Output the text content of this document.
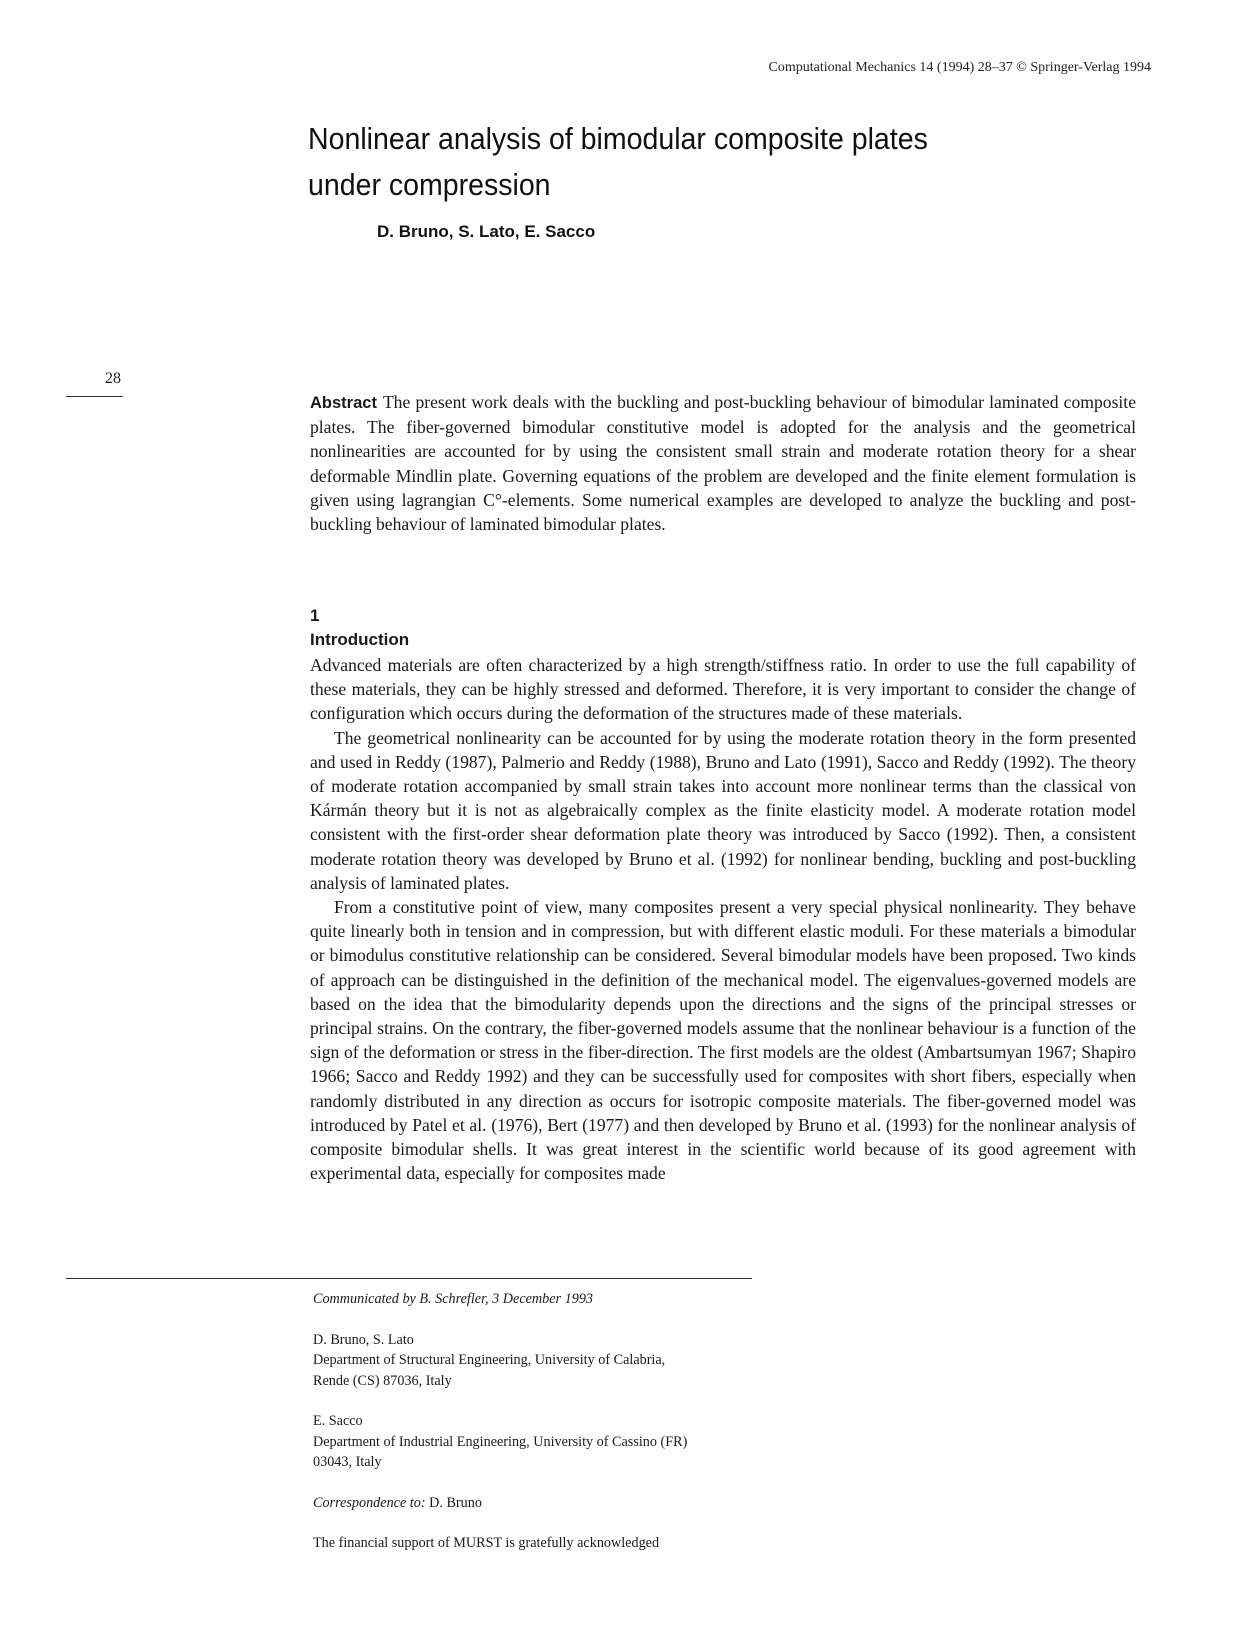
Computational Mechanics 14 (1994) 28–37 © Springer-Verlag 1994
Nonlinear analysis of bimodular composite plates
under compression
D. Bruno, S. Lato, E. Sacco
28
Abstract The present work deals with the buckling and post-buckling behaviour of bimodular laminated composite plates. The fiber-governed bimodular constitutive model is adopted for the analysis and the geometrical nonlinearities are accounted for by using the consistent small strain and moderate rotation theory for a shear deformable Mindlin plate. Governing equations of the problem are developed and the finite element formulation is given using lagrangian C°-elements. Some numerical examples are developed to analyze the buckling and post-buckling behaviour of laminated bimodular plates.
1
Introduction

Advanced materials are often characterized by a high strength/stiffness ratio. In order to use the full capability of these materials, they can be highly stressed and deformed. Therefore, it is very important to consider the change of configuration which occurs during the deformation of the structures made of these materials.

The geometrical nonlinearity can be accounted for by using the moderate rotation theory in the form presented and used in Reddy (1987), Palmerio and Reddy (1988), Bruno and Lato (1991), Sacco and Reddy (1992). The theory of moderate rotation accompanied by small strain takes into account more nonlinear terms than the classical von Kármán theory but it is not as algebraically complex as the finite elasticity model. A moderate rotation model consistent with the first-order shear deformation plate theory was introduced by Sacco (1992). Then, a consistent moderate rotation theory was developed by Bruno et al. (1992) for nonlinear bending, buckling and post-buckling analysis of laminated plates.

From a constitutive point of view, many composites present a very special physical nonlinearity. They behave quite linearly both in tension and in compression, but with different elastic moduli. For these materials a bimodular or bimodulus constitutive relationship can be considered. Several bimodular models have been proposed. Two kinds of approach can be distinguished in the definition of the mechanical model. The eigenvalues-governed models are based on the idea that the bimodularity depends upon the directions and the signs of the principal stresses or principal strains. On the contrary, the fiber-governed models assume that the nonlinear behaviour is a function of the sign of the deformation or stress in the fiber-direction. The first models are the oldest (Ambartsumyan 1967; Shapiro 1966; Sacco and Reddy 1992) and they can be successfully used for composites with short fibers, especially when randomly distributed in any direction as occurs for isotropic composite materials. The fiber-governed model was introduced by Patel et al. (1976), Bert (1977) and then developed by Bruno et al. (1993) for the nonlinear analysis of composite bimodular shells. It was great interest in the scientific world because of its good agreement with experimental data, especially for composites made

Communicated by B. Schrefler, 3 December 1993

D. Bruno, S. Lato
Department of Structural Engineering, University of Calabria,
Rende (CS) 87036, Italy
E. Sacco
Department of Industrial Engineering, University of Cassino (FR)
03043, Italy

Correspondence to: D. Bruno

The financial support of MURST is gratefully acknowledged
